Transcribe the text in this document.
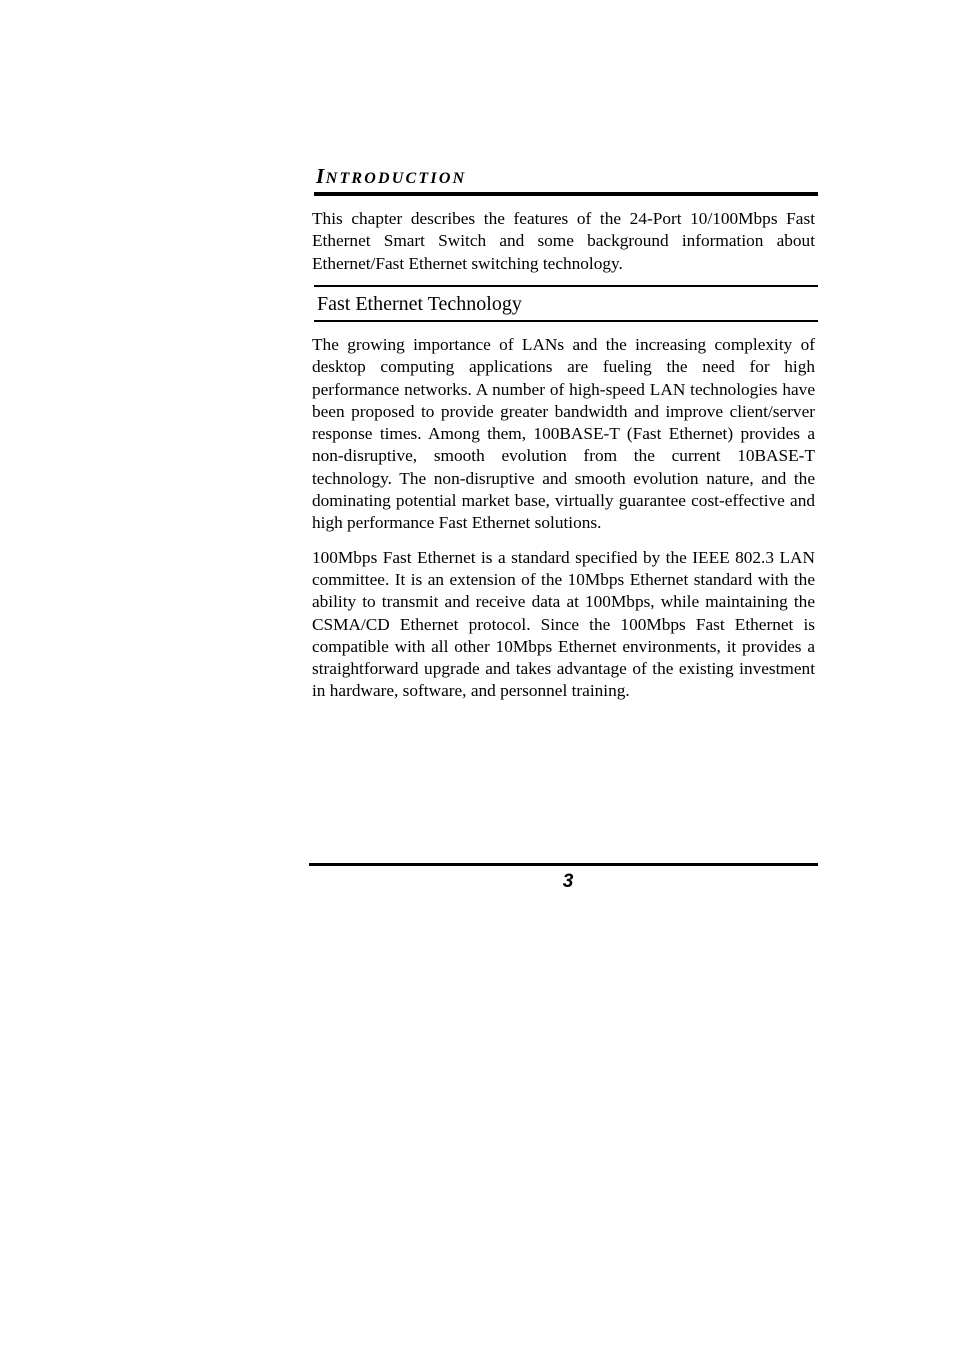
INTRODUCTION

This chapter describes the features of the 24-Port 10/100Mbps Fast Ethernet Smart Switch and some background information about Ethernet/Fast Ethernet switching technology.

Fast Ethernet Technology

The growing importance of LANs and the increasing complexity of desktop computing applications are fueling the need for high performance networks. A number of high-speed LAN technologies have been proposed to provide greater bandwidth and improve client/server response times. Among them, 100BASE-T (Fast Ethernet) provides a non-disruptive, smooth evolution from the current 10BASE-T technology. The non-disruptive and smooth evolution nature, and the dominating potential market base, virtually guarantee cost-effective and high performance Fast Ethernet solutions.

100Mbps Fast Ethernet is a standard specified by the IEEE 802.3 LAN committee. It is an extension of the 10Mbps Ethernet standard with the ability to transmit and receive data at 100Mbps, while maintaining the CSMA/CD Ethernet protocol. Since the 100Mbps Fast Ethernet is compatible with all other 10Mbps Ethernet environments, it provides a straightforward upgrade and takes advantage of the existing investment in hardware, software, and personnel training.

3
